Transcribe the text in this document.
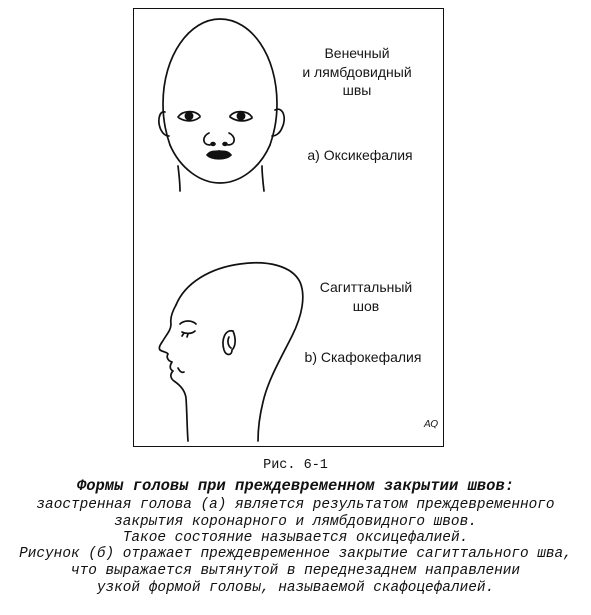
Венечный
и лямбдовидный
швы
a) Оксикефалия
Сагиттальный
шов
b) Скафокефалия
AQ
Рис. 6-1
Формы головы при преждевременном закрытии швов:
заостренная голова (а) является результатом преждевременного
закрытия коронарного и лямбдовидного швов.
Такое состояние называется оксицефалией.
Рисунок (б) отражает преждевременное закрытие сагиттального шва,
что выражается вытянутой в переднезаднем направлении
узкой формой головы, называемой скафоцефалией.
